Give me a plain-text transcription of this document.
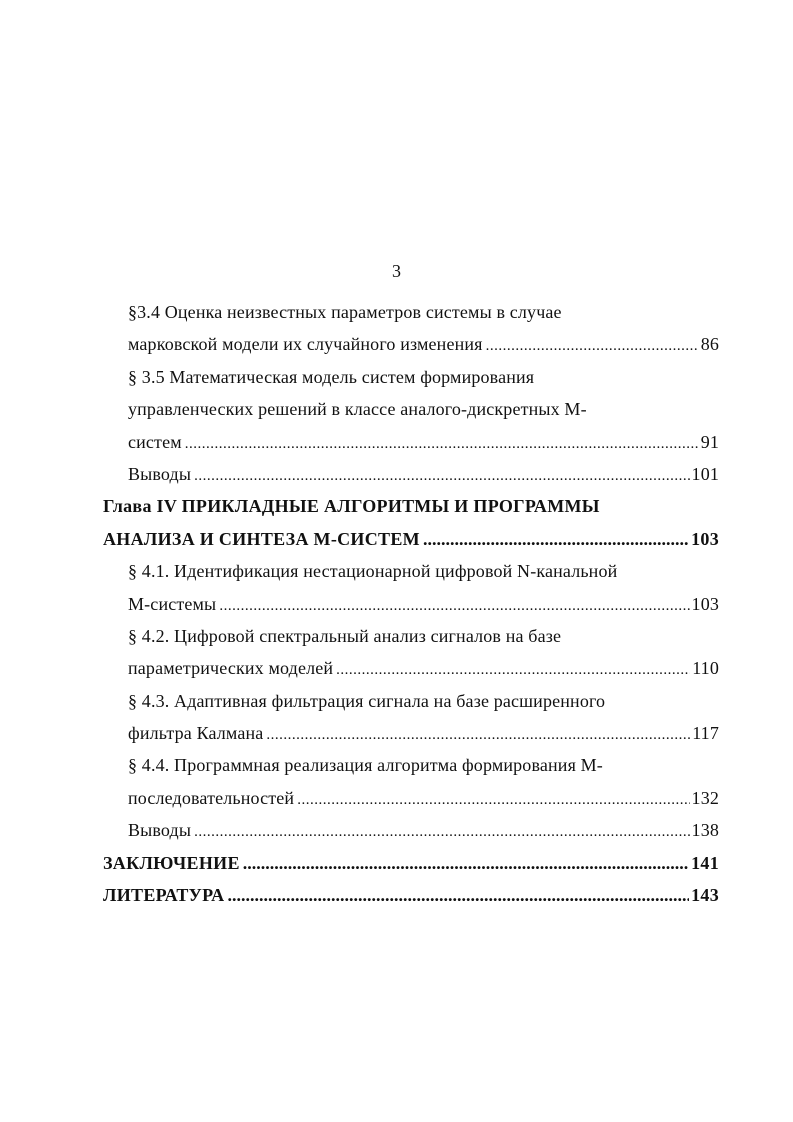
3
§3.4 Оценка неизвестных параметров системы в случае
марковской модели их случайного изменения .....	86
§ 3.5 Математическая модель систем формирования
управленческих решений в классе аналого-дискретных М-
систем .....	91
Выводы .....	101
Глава IV ПРИКЛАДНЫЕ АЛГОРИТМЫ И ПРОГРАММЫ
АНАЛИЗА И СИНТЕЗА М-СИСТЕМ .....	103
§ 4.1. Идентификация нестационарной цифровой N-канальной
М-системы .....	103
§ 4.2. Цифровой спектральный анализ сигналов на базе
параметрических моделей .....	110
§ 4.3. Адаптивная фильтрация сигнала на базе расширенного
фильтра Калмана .....	117
§ 4.4. Программная реализация алгоритма формирования М-
последовательностей .....	132
Выводы .....	138
ЗАКЛЮЧЕНИЕ .....	141
ЛИТЕРАТУРА .....	143
